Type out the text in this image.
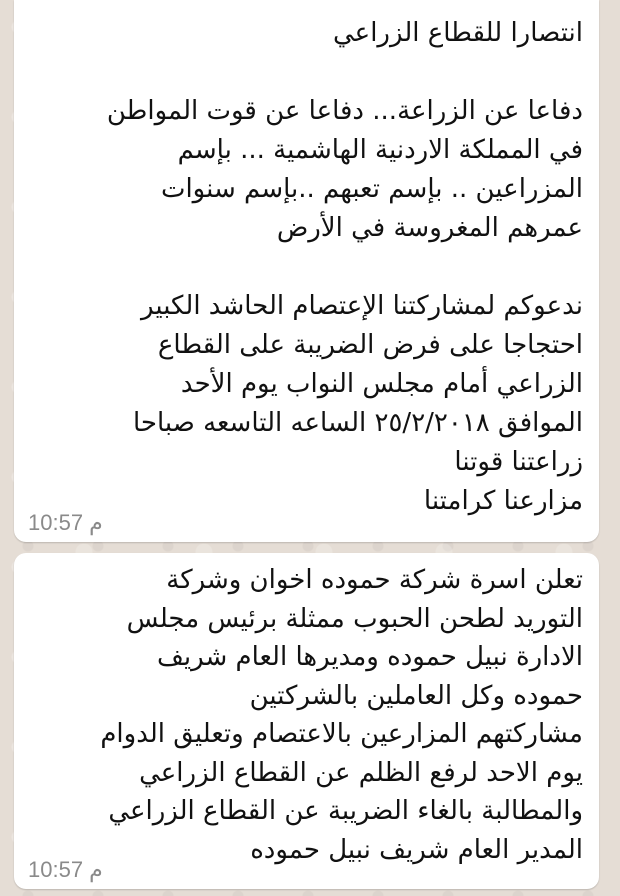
انتصارا للقطاع الزراعي
دفاعا عن الزراعة... دفاعا عن قوت المواطن
في المملكة الاردنية الهاشمية ... بإسم
المزراعين .. بإسم تعبهم ..بإسم سنوات
عمرهم المغروسة في الأرض
ندعوكم لمشاركتنا الإعتصام الحاشد الكبير
احتجاجا على فرض الضريبة على القطاع
الزراعي أمام مجلس النواب يوم الأحد
الموافق ٢٥/٢/٢٠١٨ الساعه التاسعه صباحا
زراعتنا قوتنا
مزارعنا كرامتنا
10:57 م
تعلن اسرة شركة حموده اخوان وشركة
التوريد لطحن الحبوب ممثلة برئيس مجلس
الادارة نبيل حموده ومديرها العام شريف
حموده وكل العاملين بالشركتين
مشاركتهم المزارعين بالاعتصام وتعليق الدوام
يوم الاحد لرفع الظلم عن القطاع الزراعي
والمطالبة بالغاء الضريبة عن القطاع الزراعي
المدير العام شريف نبيل حموده
10:57 م
